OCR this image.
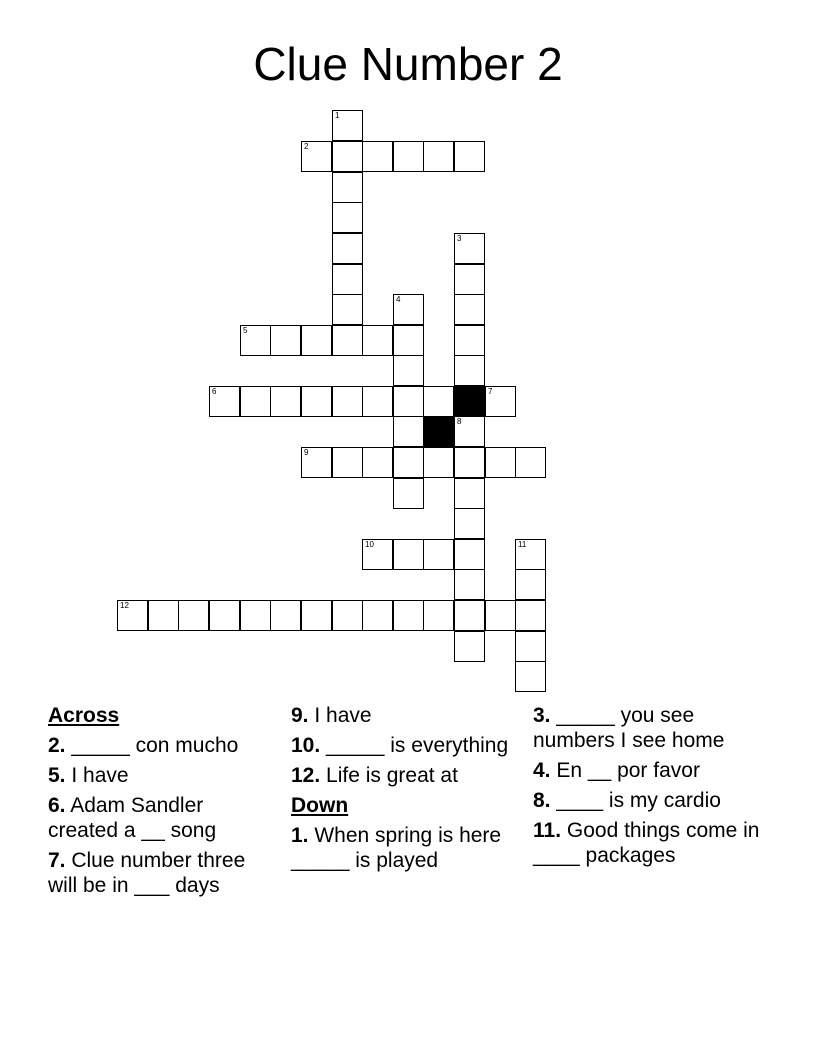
Clue Number 2
1
2
3
4
5
6	7
8
9
10	11
12
Across
2. _____ con mucho
5. I have
6. Adam Sandler created a __ song
7. Clue number three will be in ___ days
9. I have
10. _____ is everything
12. Life is great at
Down
1. When spring is here _____ is played
3. _____ you see numbers I see home
4. En __ por favor
8. ____ is my cardio
11. Good things come in ____ packages
